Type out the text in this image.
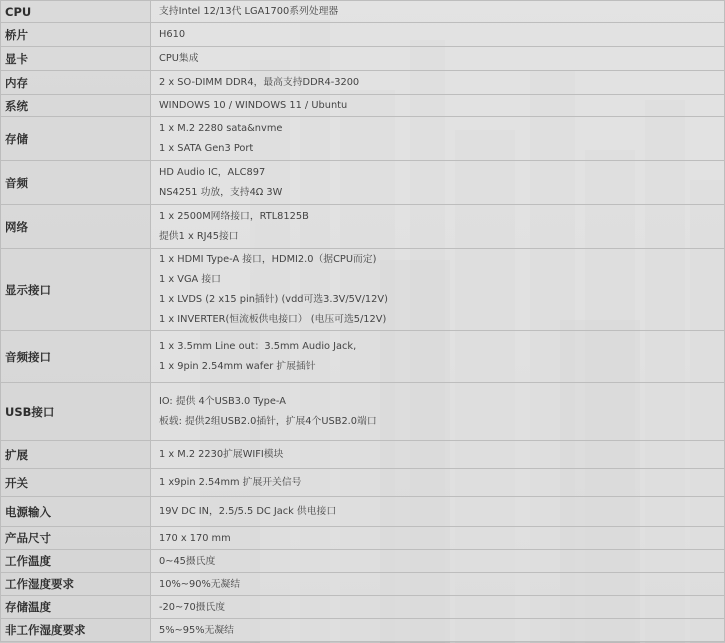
CPU	支持Intel 12/13代 LGA1700系列处理器

桥片	H610

显卡	CPU集成

内存	2 x SO-DIMM DDR4，最高支持DDR4-3200

系统	WINDOWS 10 / WINDOWS 11 / Ubuntu

存储	1 x M.2 2280 sata&nvme
1 x SATA Gen3 Port

音频	HD Audio IC，ALC897
NS4251 功放，支持4Ω 3W

网络	1 x 2500M网络接口，RTL8125B
提供1 x RJ45接口

显示接口	1 x HDMI Type-A 接口，HDMI2.0（据CPU而定)
1 x VGA 接口
1 x LVDS (2 x15 pin插针) (vdd可选3.3V/5V/12V)
1 x INVERTER(恒流板供电接口） (电压可选5/12V)

音频接口	1 x 3.5mm Line out：3.5mm Audio Jack,
1 x 9pin 2.54mm wafer 扩展插针

USB接口	IO: 提供 4个USB3.0 Type-A
板载: 提供2组USB2.0插针，扩展4个USB2.0端口

扩展	1 x M.2 2230扩展WIFI模块

开关	1 x9pin 2.54mm 扩展开关信号

电源输入	19V DC IN，2.5/5.5 DC Jack 供电接口

产品尺寸	170 x 170 mm

工作温度	0~45摄氏度

工作湿度要求	10%~90%无凝结

存储温度	-20~70摄氏度

非工作湿度要求	5%~95%无凝结
